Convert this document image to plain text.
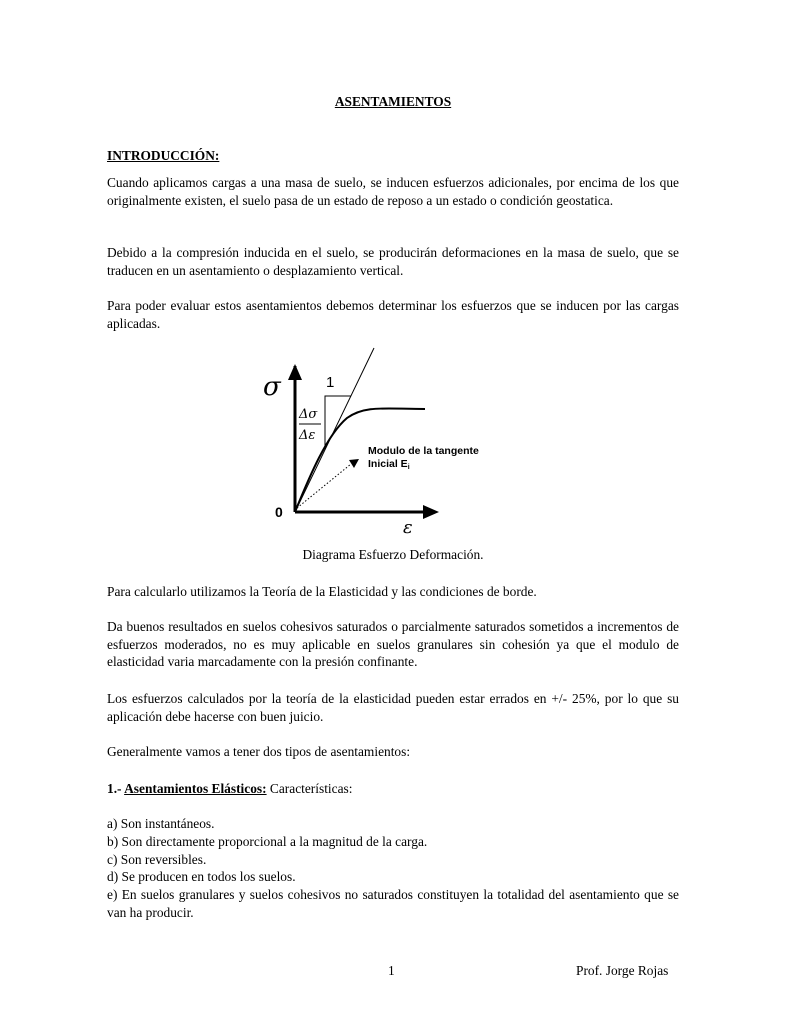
ASENTAMIENTOS
INTRODUCCIÓN:

Cuando aplicamos cargas a una masa de suelo, se inducen esfuerzos adicionales, por encima de los que originalmente existen, el suelo pasa de un estado de reposo a un estado o condición geostatica.

Debido a la compresión inducida en el suelo, se producirán deformaciones en la masa de suelo, que se traducen en un asentamiento o desplazamiento vertical.

Para poder evaluar estos asentamientos debemos determinar los esfuerzos que se inducen por las cargas aplicadas.

σ
ε
0
1
Δσ
Δε
Modulo de la tangente
Inicial Ei
Diagrama Esfuerzo Deformación.

Para calcularlo utilizamos la Teoría de la Elasticidad y las condiciones de borde.

Da buenos resultados en suelos cohesivos saturados o parcialmente saturados sometidos a incrementos de esfuerzos moderados, no es muy aplicable en suelos granulares sin cohesión ya que el modulo de elasticidad varia marcadamente con la presión confinante.

Los esfuerzos calculados por la teoría de la elasticidad pueden estar errados en +/- 25%, por lo que su aplicación debe hacerse con buen juicio.

Generalmente vamos a tener dos tipos de asentamientos:

1.- Asentamientos Elásticos: Características:
a) Son instantáneos.
b) Son directamente proporcional a la magnitud de la carga.
c) Son reversibles.
d) Se producen en todos los suelos.

e) En suelos granulares y suelos cohesivos no saturados constituyen la totalidad del asentamiento que se van ha producir.

1	Prof. Jorge Rojas
